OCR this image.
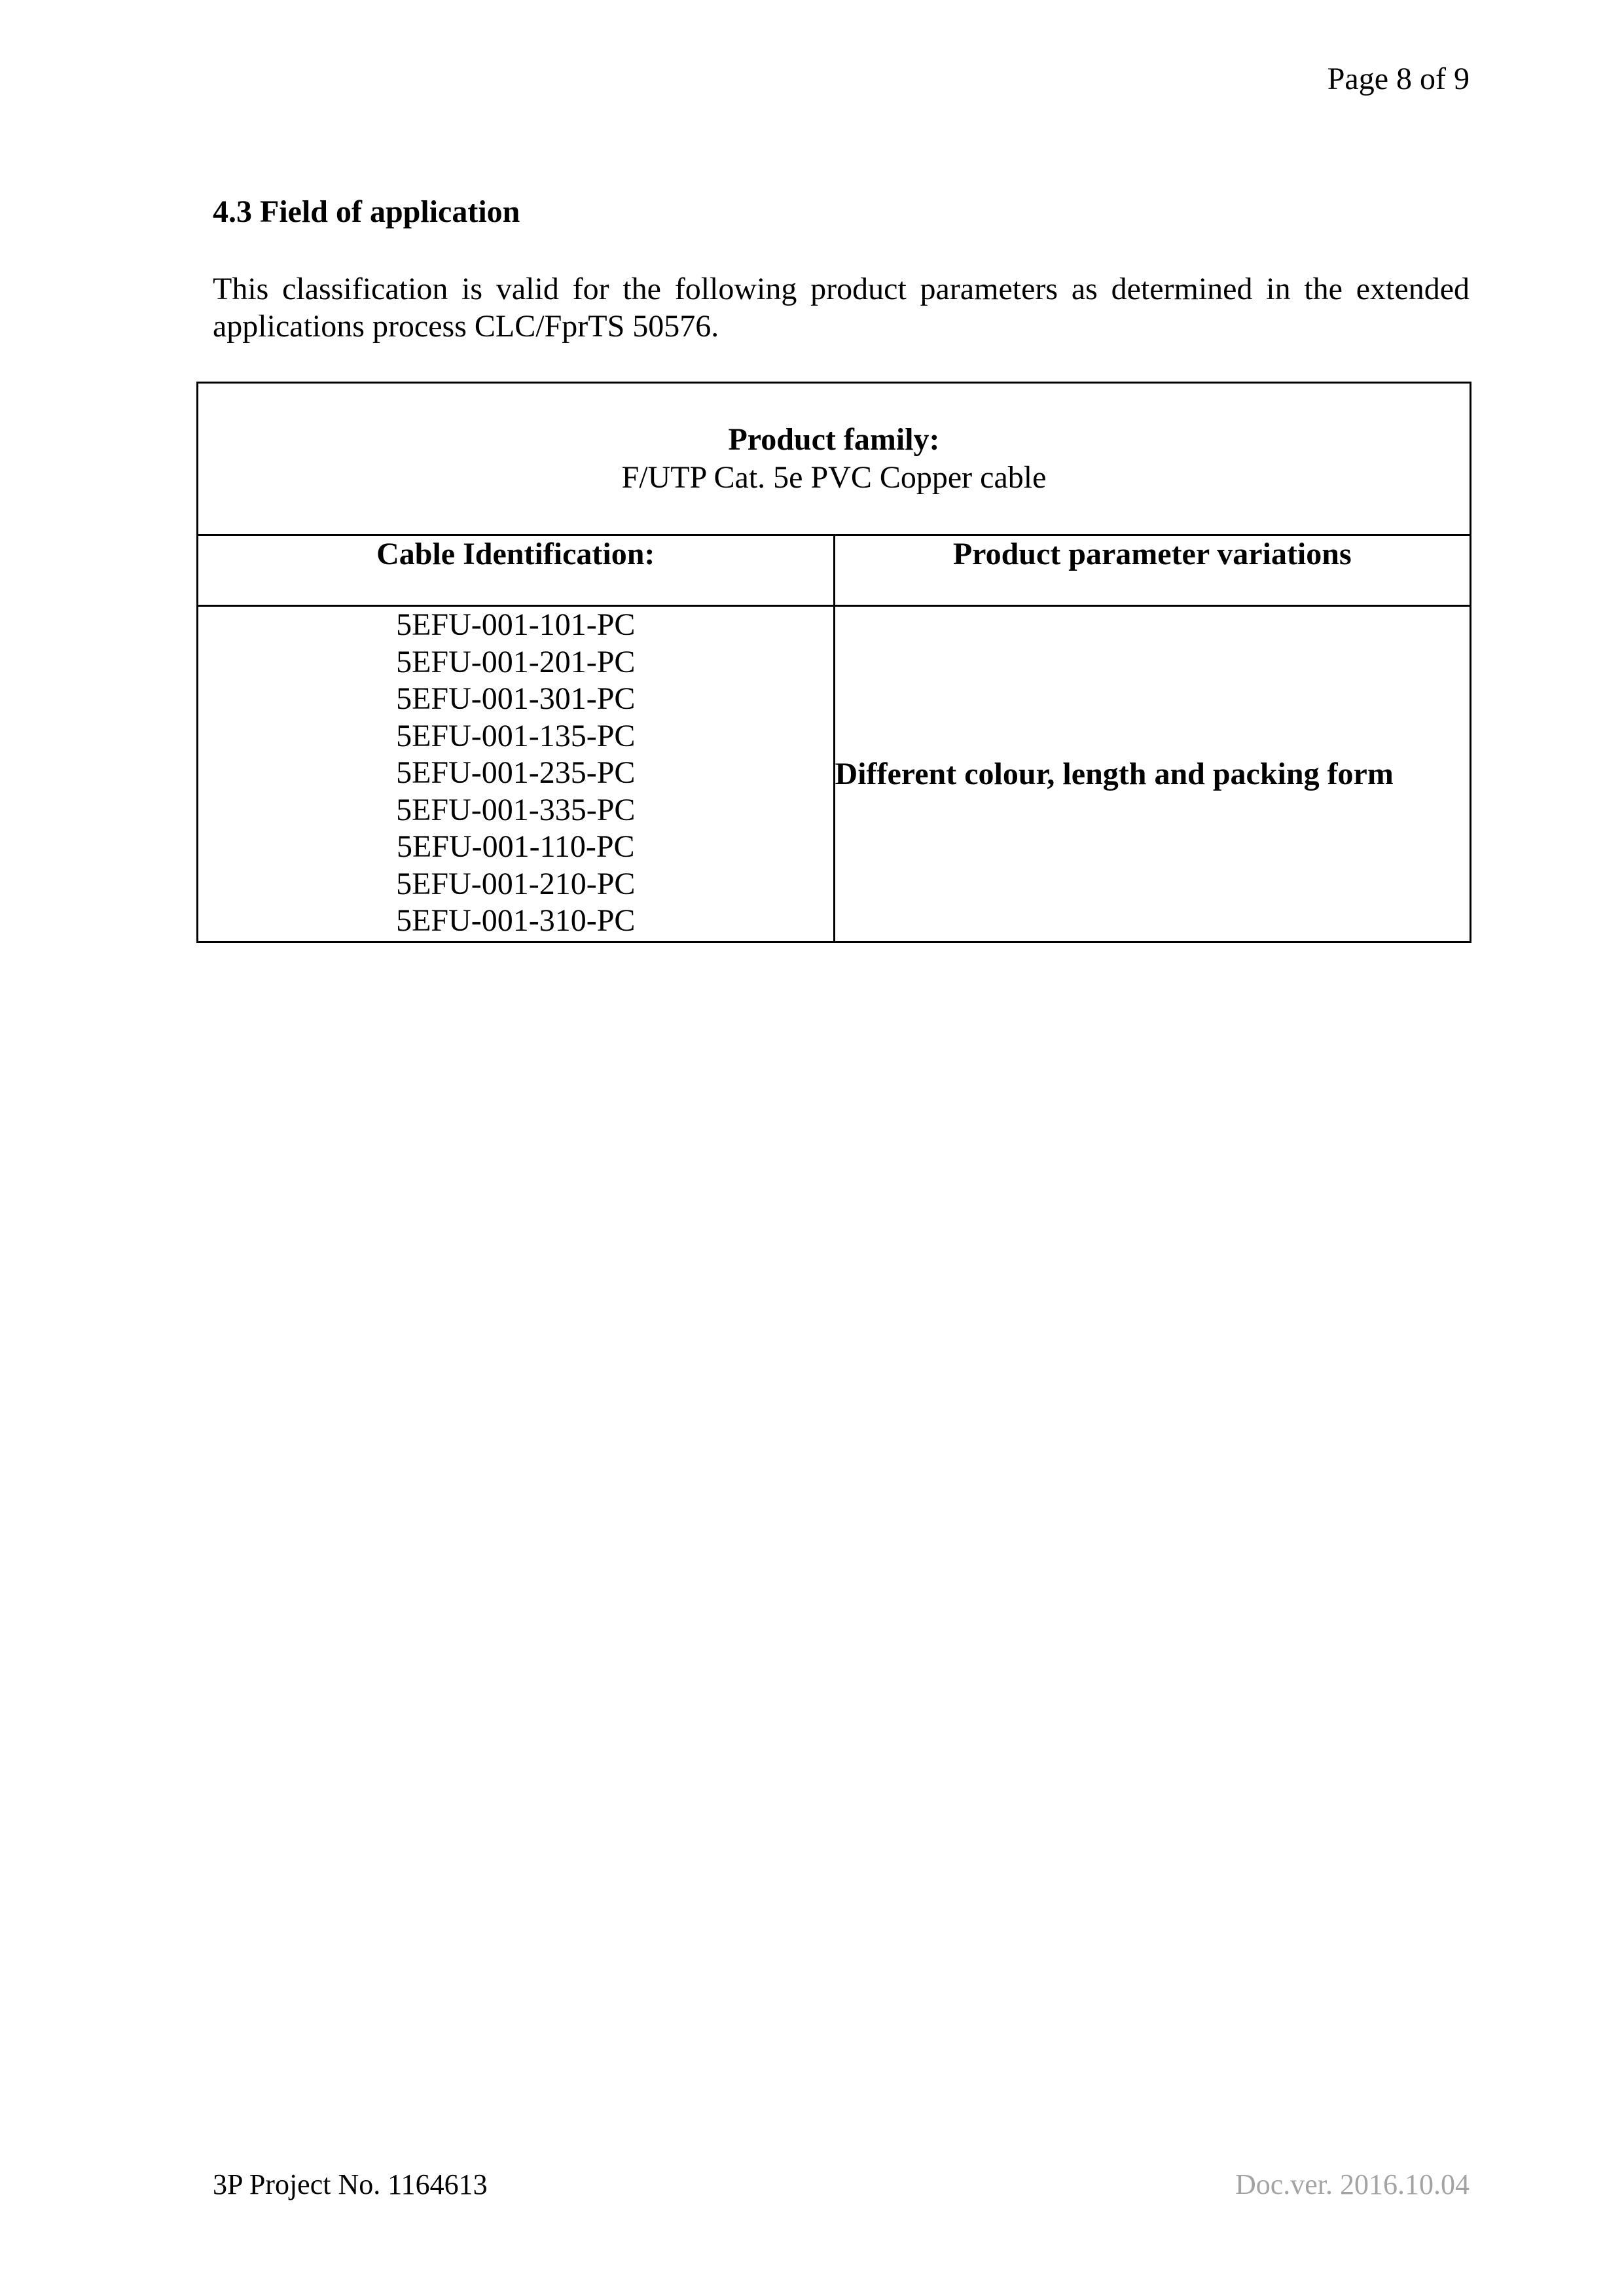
Page 8 of 9
4.3 Field of application

This classification is valid for the following product parameters as determined in the extended applications process CLC/FprTS 50576.

Product family:
F/UTP Cat. 5e PVC Copper cable	

Cable Identification:	Product parameter variations

5EFU-001-101-PC
5EFU-001-201-PC
5EFU-001-301-PC
5EFU-001-135-PC
5EFU-001-235-PC
5EFU-001-335-PC
5EFU-001-110-PC
5EFU-001-210-PC
5EFU-001-310-PC

Different colour, length and packing form
3P Project No. 1164613	Doc.ver. 2016.10.04
